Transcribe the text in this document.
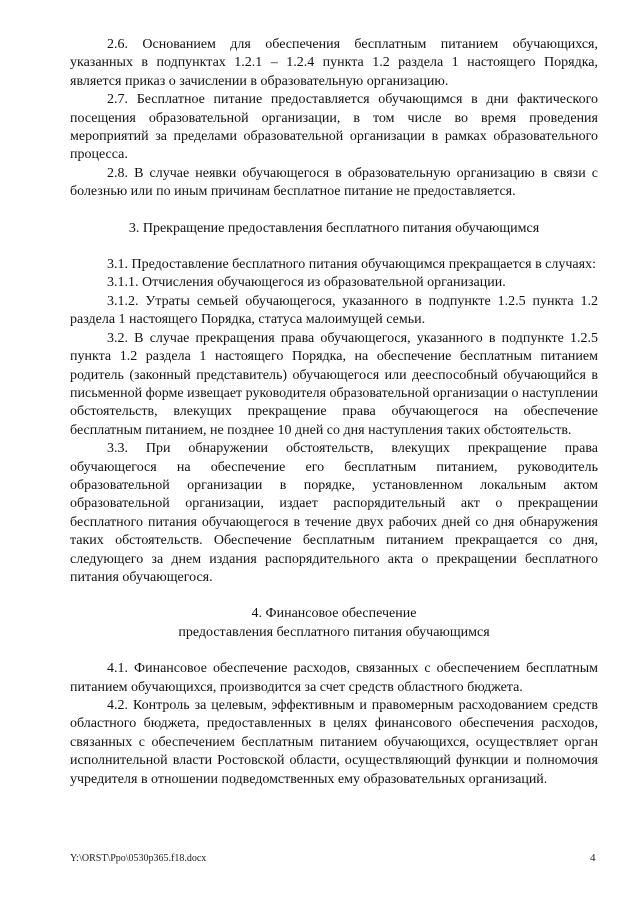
2.6. Основанием для обеспечения бесплатным питанием обучающихся, указанных в подпунктах 1.2.1 – 1.2.4 пункта 1.2 раздела 1 настоящего Порядка, является приказ о зачислении в образовательную организацию.

2.7. Бесплатное питание предоставляется обучающимся в дни фактического посещения образовательной организации, в том числе во время проведения мероприятий за пределами образовательной организации в рамках образовательного процесса.

2.8. В случае неявки обучающегося в образовательную организацию в связи с болезнью или по иным причинам бесплатное питание не предоставляется.

3. Прекращение предоставления бесплатного питания обучающимся

3.1. Предоставление бесплатного питания обучающимся прекращается в случаях:

3.1.1. Отчисления обучающегося из образовательной организации.

3.1.2. Утраты семьей обучающегося, указанного в подпункте 1.2.5 пункта 1.2 раздела 1 настоящего Порядка, статуса малоимущей семьи.

3.2. В случае прекращения права обучающегося, указанного в подпункте 1.2.5 пункта 1.2 раздела 1 настоящего Порядка, на обеспечение бесплатным питанием родитель (законный представитель) обучающегося или дееспособный обучающийся в письменной форме извещает руководителя образовательной организации о наступлении обстоятельств, влекущих прекращение права обучающегося на обеспечение бесплатным питанием, не позднее 10 дней со дня наступления таких обстоятельств.

3.3. При обнаружении обстоятельств, влекущих прекращение права обучающегося на обеспечение его бесплатным питанием, руководитель образовательной организации в порядке, установленном локальным актом образовательной организации, издает распорядительный акт о прекращении бесплатного питания обучающегося в течение двух рабочих дней со дня обнаружения таких обстоятельств. Обеспечение бесплатным питанием прекращается со дня, следующего за днем издания распорядительного акта о прекращении бесплатного питания обучающегося.

4. Финансовое обеспечение

предоставления бесплатного питания обучающимся

4.1. Финансовое обеспечение расходов, связанных с обеспечением бесплатным питанием обучающихся, производится за счет средств областного бюджета.

4.2. Контроль за целевым, эффективным и правомерным расходованием средств областного бюджета, предоставленных в целях финансового обеспечения расходов, связанных с обеспечением бесплатным питанием обучающихся, осуществляет орган исполнительной власти Ростовской области, осуществляющий функции и полномочия учредителя в отношении подведомственных ему образовательных организаций.

Y:\ORST\Ppo\0530p365.f18.docx	4
